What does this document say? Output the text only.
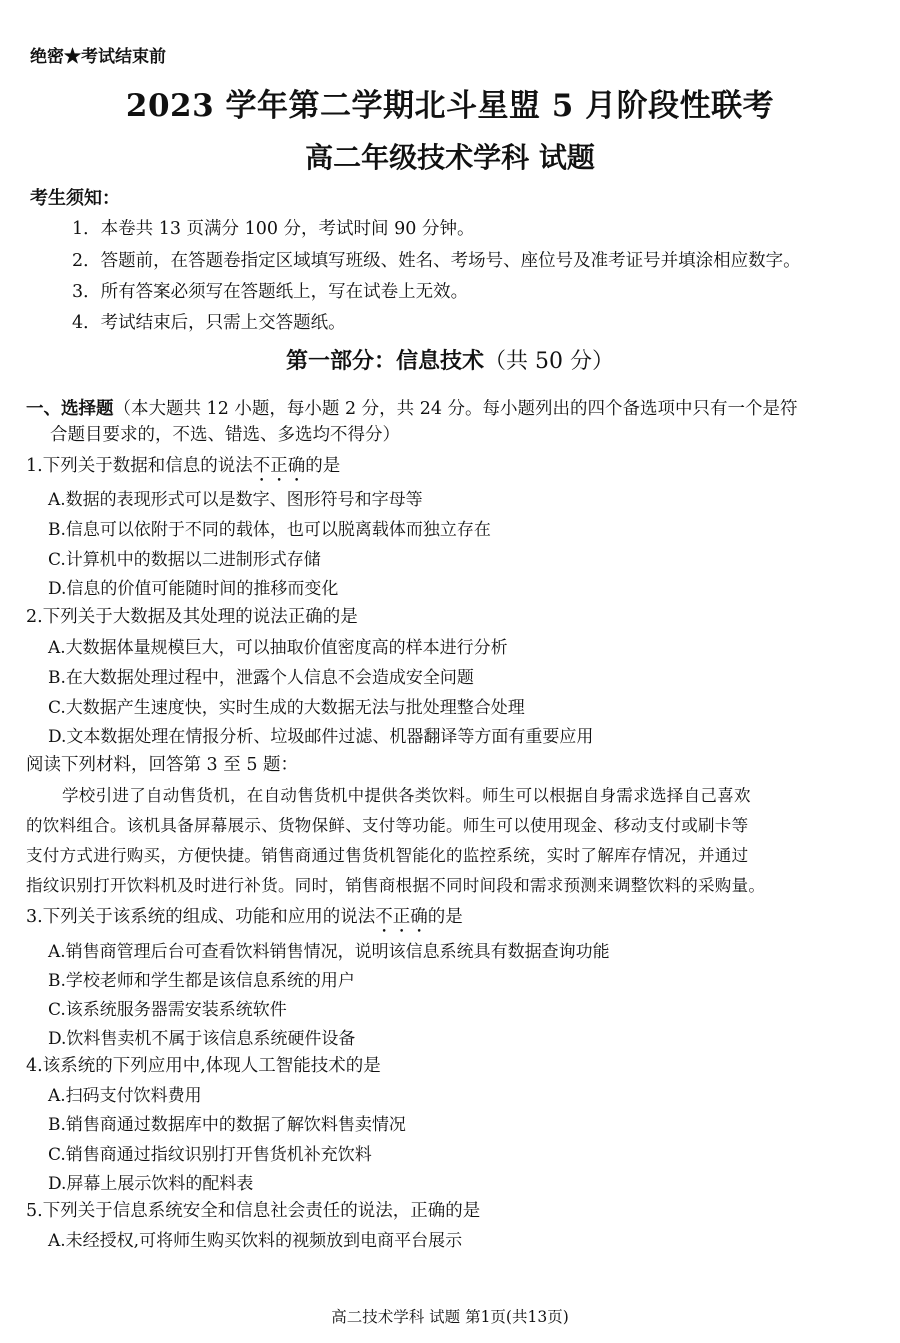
绝密★考试结束前
2023 学年第二学期北斗星盟 5 月阶段性联考
高二年级技术学科 试题
考生须知：
1．本卷共 13 页满分 100 分，考试时间 90 分钟。
2．答题前，在答题卷指定区域填写班级、姓名、考场号、座位号及准考证号并填涂相应数字。
3．所有答案必须写在答题纸上，写在试卷上无效。
4．考试结束后，只需上交答题纸。
第一部分：信息技术（共 50 分）
一、选择题（本大题共 12 小题，每小题 2 分，共 24 分。每小题列出的四个备选项中只有一个是符
合题目要求的，不选、错选、多选均不得分）
1.下列关于数据和信息的说法不正确的是
A.数据的表现形式可以是数字、图形符号和字母等
B.信息可以依附于不同的载体，也可以脱离载体而独立存在
C.计算机中的数据以二进制形式存储
D.信息的价值可能随时间的推移而变化
2.下列关于大数据及其处理的说法正确的是
A.大数据体量规模巨大，可以抽取价值密度高的样本进行分析
B.在大数据处理过程中，泄露个人信息不会造成安全问题
C.大数据产生速度快，实时生成的大数据无法与批处理整合处理
D.文本数据处理在情报分析、垃圾邮件过滤、机器翻译等方面有重要应用
阅读下列材料，回答第 3 至 5 题：
学校引进了自动售货机，在自动售货机中提供各类饮料。师生可以根据自身需求选择自己喜欢
的饮料组合。该机具备屏幕展示、货物保鲜、支付等功能。师生可以使用现金、移动支付或刷卡等
支付方式进行购买，方便快捷。销售商通过售货机智能化的监控系统，实时了解库存情况，并通过
指纹识别打开饮料机及时进行补货。同时，销售商根据不同时间段和需求预测来调整饮料的采购量。
3.下列关于该系统的组成、功能和应用的说法不正确的是
A.销售商管理后台可查看饮料销售情况，说明该信息系统具有数据查询功能
B.学校老师和学生都是该信息系统的用户
C.该系统服务器需安装系统软件
D.饮料售卖机不属于该信息系统硬件设备
4.该系统的下列应用中,体现人工智能技术的是
A.扫码支付饮料费用
B.销售商通过数据库中的数据了解饮料售卖情况
C.销售商通过指纹识别打开售货机补充饮料
D.屏幕上展示饮料的配料表
5.下列关于信息系统安全和信息社会责任的说法，正确的是
A.未经授权,可将师生购买饮料的视频放到电商平台展示
高二技术学科 试题 第1页(共13页)
